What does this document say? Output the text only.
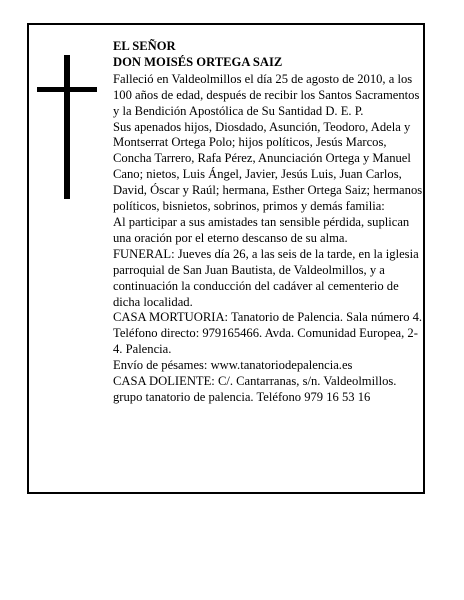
EL SEÑOR

DON MOISÉS ORTEGA SAIZ

Falleció en Valdeolmillos el día 25 de agosto de 2010, a los 100 años de edad, después de recibir los Santos Sacramentos y la Bendición Apostólica de Su Santidad D. E. P.

Sus apenados hijos, Diosdado, Asunción, Teodoro, Adela y Montserrat Ortega Polo; hijos políticos, Jesús Marcos, Concha Tarrero, Rafa Pérez, Anunciación Ortega y Manuel Cano; nietos, Luis Ángel, Javier, Jesús Luis, Juan Carlos, David, Óscar y Raúl; hermana, Esther Ortega Saiz; hermanos políticos, bisnietos, sobrinos, primos y demás familia:

Al participar a sus amistades tan sensible pérdida, suplican una oración por el eterno descanso de su alma.

FUNERAL: Jueves día 26, a las seis de la tarde, en la iglesia parroquial de San Juan Bautista, de Valdeolmillos, y a continuación la conducción del cadáver al cementerio de dicha localidad.

CASA MORTUORIA: Tanatorio de Palencia. Sala número 4. Teléfono directo: 979165466. Avda. Comunidad Europea, 2-4. Palencia.

Envío de pésames: www.tanatoriodepalencia.es

CASA DOLIENTE: C/. Cantarranas, s/n. Valdeolmillos.

grupo tanatorio de palencia. Teléfono 979 16 53 16
